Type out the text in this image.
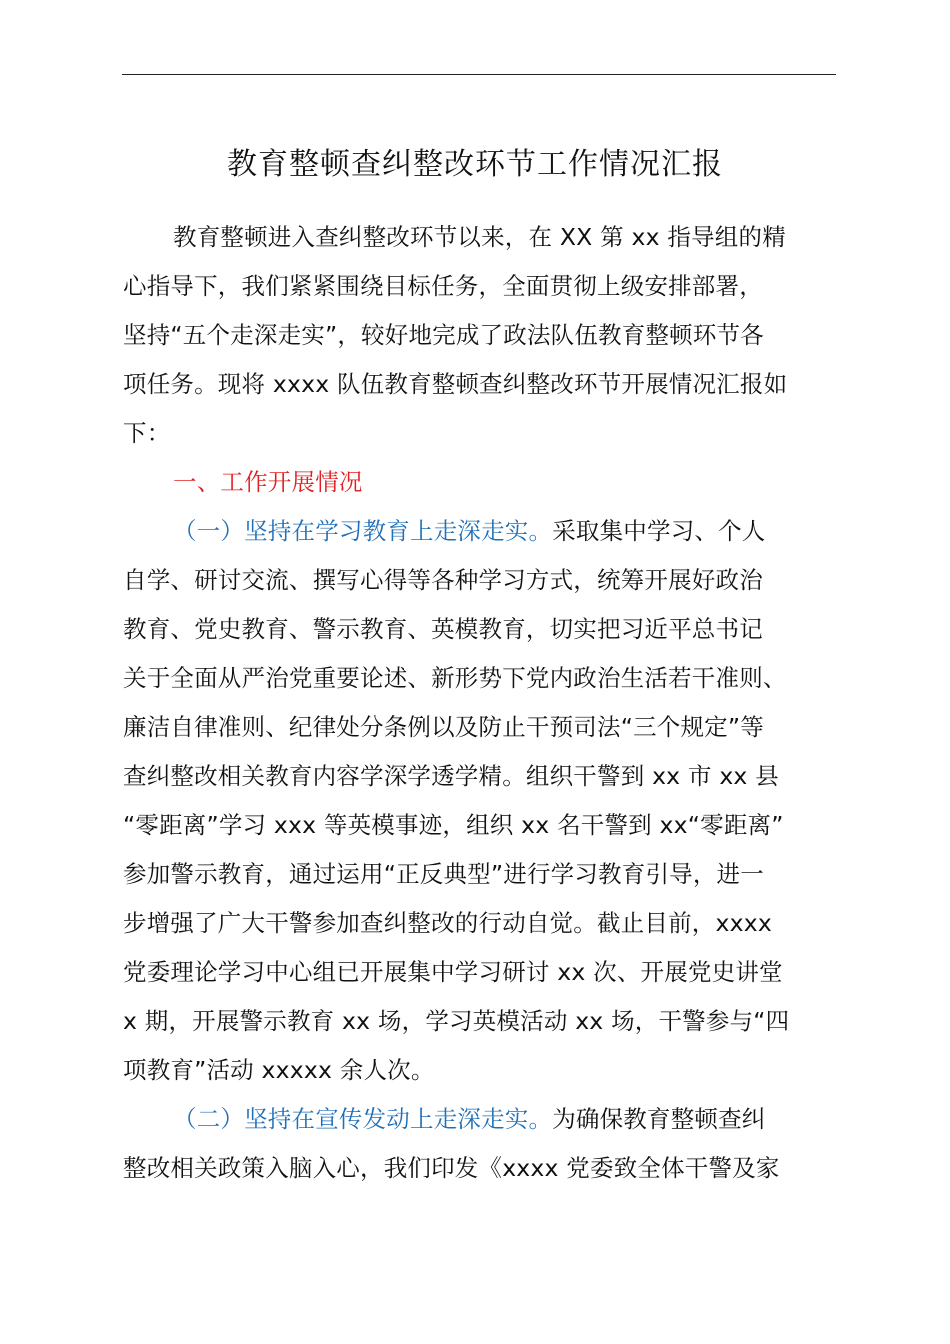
教育整顿查纠整改环节工作情况汇报
教育整顿进入查纠整改环节以来，在 XX 第 xx 指导组的精
心指导下，我们紧紧围绕目标任务，全面贯彻上级安排部署，
坚持“五个走深走实”，较好地完成了政法队伍教育整顿环节各
项任务。现将 xxxx 队伍教育整顿查纠整改环节开展情况汇报如
下：
一、工作开展情况
（一）坚持在学习教育上走深走实。采取集中学习、个人
自学、研讨交流、撰写心得等各种学习方式，统筹开展好政治
教育、党史教育、警示教育、英模教育，切实把习近平总书记
关于全面从严治党重要论述、新形势下党内政治生活若干准则、
廉洁自律准则、纪律处分条例以及防止干预司法“三个规定”等
查纠整改相关教育内容学深学透学精。组织干警到 xx 市 xx 县
“零距离”学习 xxx 等英模事迹，组织 xx 名干警到 xx“零距离”
参加警示教育，通过运用“正反典型”进行学习教育引导，进一
步增强了广大干警参加查纠整改的行动自觉。截止目前，xxxx
党委理论学习中心组已开展集中学习研讨 xx 次、开展党史讲堂
x 期，开展警示教育 xx 场，学习英模活动 xx 场，干警参与“四
项教育”活动 xxxxx 余人次。
（二）坚持在宣传发动上走深走实。为确保教育整顿查纠
整改相关政策入脑入心，我们印发《xxxx 党委致全体干警及家
